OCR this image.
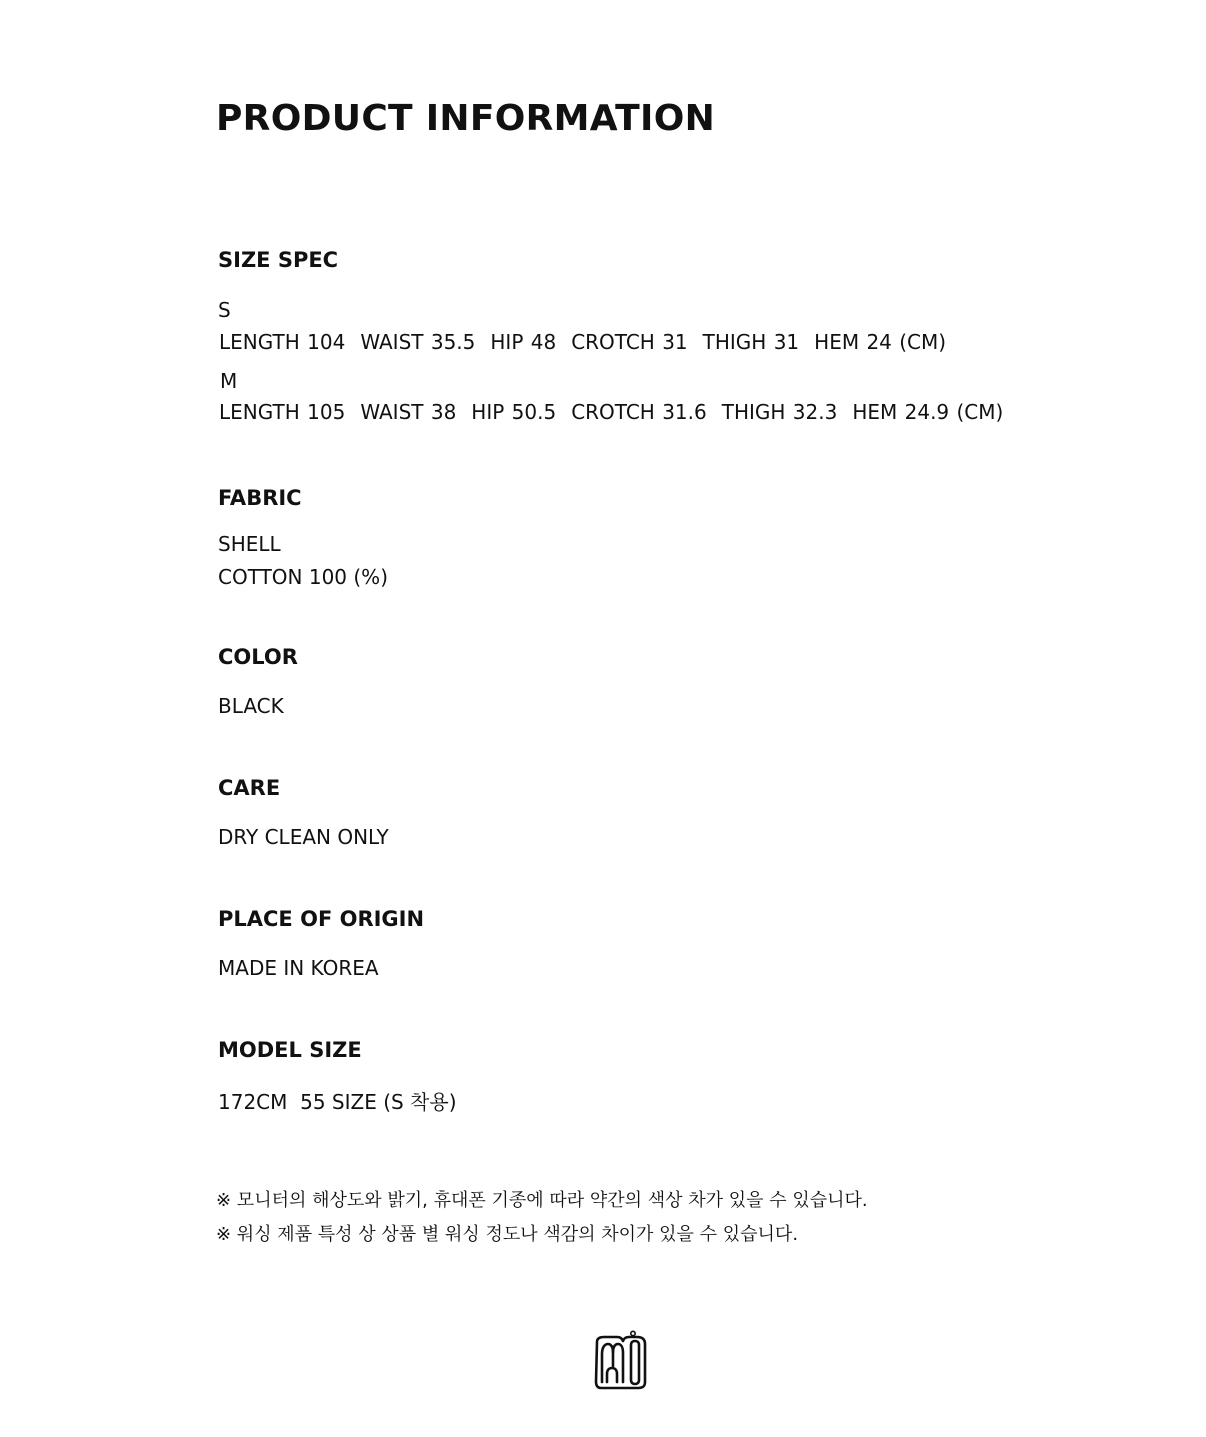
PRODUCT INFORMATION
SIZE SPEC

S

LENGTH 104 WAIST 35.5 HIP 48 CROTCH 31 THIGH 31 HEM 24 (CM)

M

LENGTH 105 WAIST 38 HIP 50.5 CROTCH 31.6 THIGH 32.3 HEM 24.9 (CM)

FABRIC

SHELL

COTTON 100 (%)

COLOR

BLACK

CARE

DRY CLEAN ONLY

PLACE OF ORIGIN

MADE IN KOREA

MODEL SIZE

172CM  55 SIZE (S 착용)

※ 모니터의 해상도와 밝기, 휴대폰 기종에 따라 약간의 색상 차가 있을 수 있습니다.

※ 워싱 제품 특성 상 상품 별 워싱 정도나 색감의 차이가 있을 수 있습니다.
